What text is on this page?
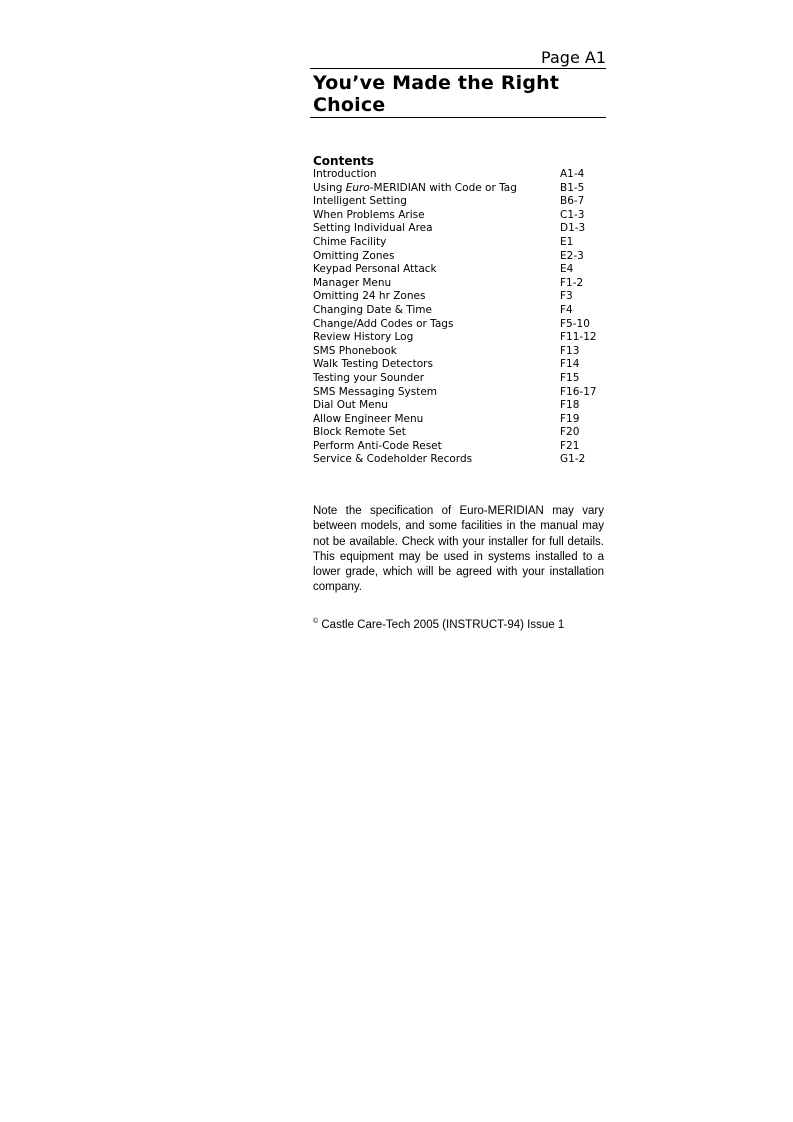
Page A1
You’ve Made the Right Choice
Contents
Introduction	A1-4
Using Euro-MERIDIAN with Code or Tag	B1-5
Intelligent Setting	B6-7
When Problems Arise	C1-3
Setting Individual Area	D1-3
Chime Facility	E1
Omitting Zones	E2-3
Keypad Personal Attack	E4
Manager Menu	F1-2
Omitting 24 hr Zones	F3
Changing Date & Time	F4
Change/Add Codes or Tags	F5-10
Review History Log	F11-12
SMS Phonebook	F13
Walk Testing Detectors	F14
Testing your Sounder	F15
SMS Messaging System	F16-17
Dial Out Menu	F18
Allow Engineer Menu	F19
Block Remote Set	F20
Perform Anti-Code Reset	F21
Service & Codeholder Records	G1-2

Note the specification of Euro-MERIDIAN may vary between models, and some facilities in the manual may not be available. Check with your installer for full details. This equipment may be used in systems installed to a lower grade, which will be agreed with your installation company.

© Castle Care-Tech 2005 (INSTRUCT-94) Issue 1
